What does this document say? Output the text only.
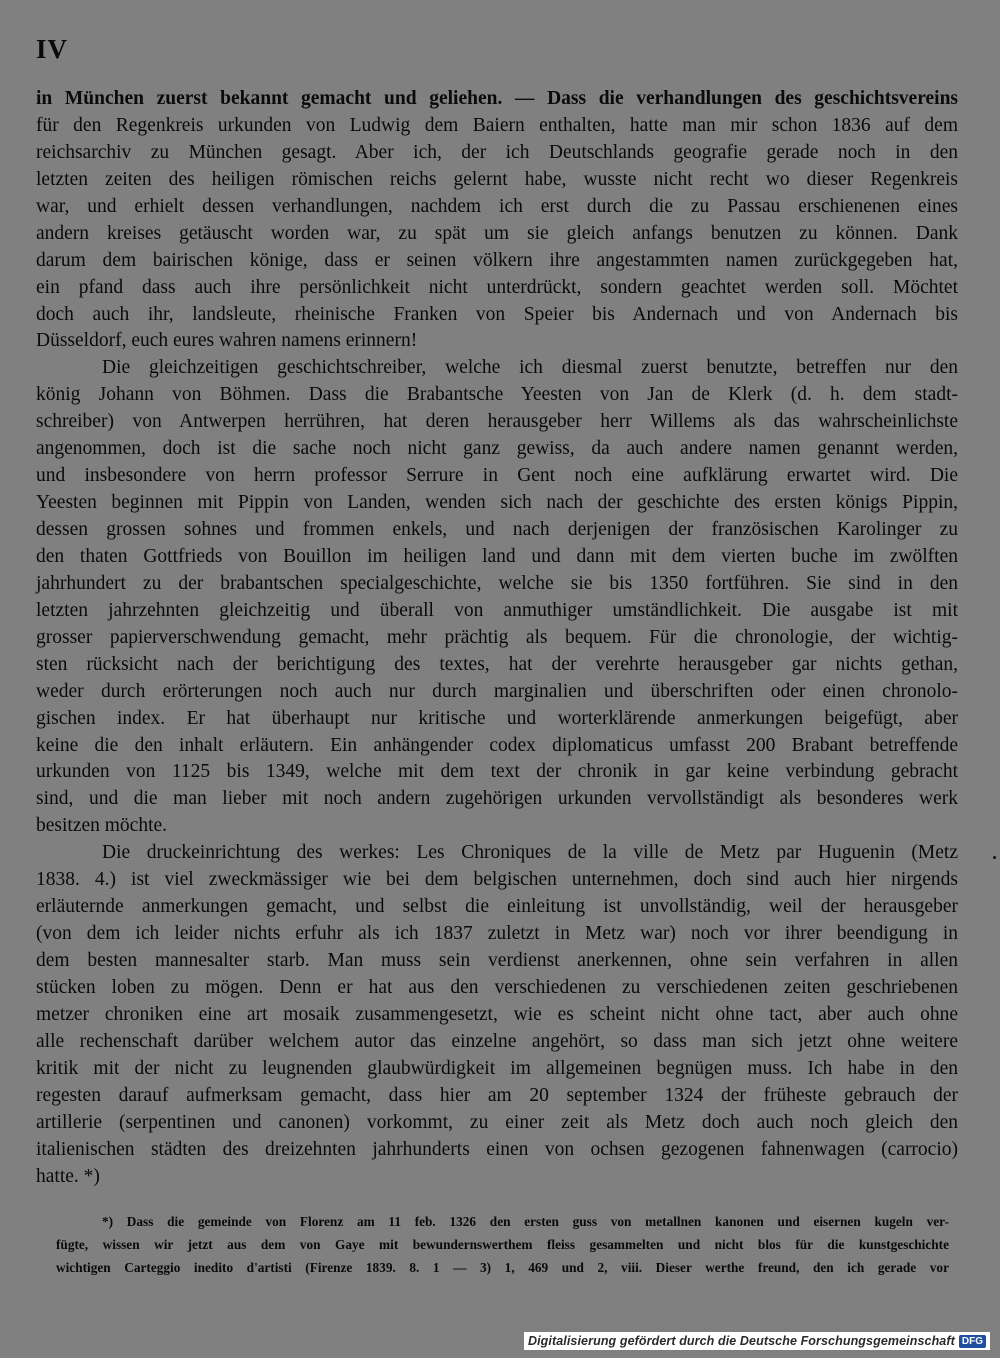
IV
in München zuerst bekannt gemacht und geliehen. — Dass die verhandlungen des geschichtsvereins
für den Regenkreis urkunden von Ludwig dem Baiern enthalten, hatte man mir schon 1836 auf dem
reichsarchiv zu München gesagt. Aber ich, der ich Deutschlands geografie gerade noch in den
letzten zeiten des heiligen römischen reichs gelernt habe, wusste nicht recht wo dieser Regenkreis
war, und erhielt dessen verhandlungen, nachdem ich erst durch die zu Passau erschienenen eines
andern kreises getäuscht worden war, zu spät um sie gleich anfangs benutzen zu können. Dank
darum dem bairischen könige, dass er seinen völkern ihre angestammten namen zurückgegeben hat,
ein pfand dass auch ihre persönlichkeit nicht unterdrückt, sondern geachtet werden soll. Möchtet
doch auch ihr, landsleute, rheinische Franken von Speier bis Andernach und von Andernach bis
Düsseldorf, euch eures wahren namens erinnern!
Die gleichzeitigen geschichtschreiber, welche ich diesmal zuerst benutzte, betreffen nur den
könig Johann von Böhmen. Dass die Brabantsche Yeesten von Jan de Klerk (d. h. dem stadt-
schreiber) von Antwerpen herrühren, hat deren herausgeber herr Willems als das wahrscheinlichste
angenommen, doch ist die sache noch nicht ganz gewiss, da auch andere namen genannt werden,
und insbesondere von herrn professor Serrure in Gent noch eine aufklärung erwartet wird. Die
Yeesten beginnen mit Pippin von Landen, wenden sich nach der geschichte des ersten königs Pippin,
dessen grossen sohnes und frommen enkels, und nach derjenigen der französischen Karolinger zu
den thaten Gottfrieds von Bouillon im heiligen land und dann mit dem vierten buche im zwölften
jahrhundert zu der brabantschen specialgeschichte, welche sie bis 1350 fortführen. Sie sind in den
letzten jahrzehnten gleichzeitig und überall von anmuthiger umständlichkeit. Die ausgabe ist mit
grosser papierverschwendung gemacht, mehr prächtig als bequem. Für die chronologie, der wichtig-
sten rücksicht nach der berichtigung des textes, hat der verehrte herausgeber gar nichts gethan,
weder durch erörterungen noch auch nur durch marginalien und überschriften oder einen chronolo-
gischen index. Er hat überhaupt nur kritische und worterklärende anmerkungen beigefügt, aber
keine die den inhalt erläutern. Ein anhängender codex diplomaticus umfasst 200 Brabant betreffende
urkunden von 1125 bis 1349, welche mit dem text der chronik in gar keine verbindung gebracht
sind, und die man lieber mit noch andern zugehörigen urkunden vervollständigt als besonderes werk
besitzen möchte.
Die druckeinrichtung des werkes: Les Chroniques de la ville de Metz par Huguenin (Metz
1838. 4.) ist viel zweckmässiger wie bei dem belgischen unternehmen, doch sind auch hier nirgends
erläuternde anmerkungen gemacht, und selbst die einleitung ist unvollständig, weil der herausgeber
(von dem ich leider nichts erfuhr als ich 1837 zuletzt in Metz war) noch vor ihrer beendigung in
dem besten mannesalter starb. Man muss sein verdienst anerkennen, ohne sein verfahren in allen
stücken loben zu mögen. Denn er hat aus den verschiedenen zu verschiedenen zeiten geschriebenen
metzer chroniken eine art mosaik zusammengesetzt, wie es scheint nicht ohne tact, aber auch ohne
alle rechenschaft darüber welchem autor das einzelne angehört, so dass man sich jetzt ohne weitere
kritik mit der nicht zu leugnenden glaubwürdigkeit im allgemeinen begnügen muss. Ich habe in den
regesten darauf aufmerksam gemacht, dass hier am 20 september 1324 der früheste gebrauch der
artillerie (serpentinen und canonen) vorkommt, zu einer zeit als Metz doch auch noch gleich den
italienischen städten des dreizehnten jahrhunderts einen von ochsen gezogenen fahnenwagen (carrocio)
hatte. *)
*) Dass die gemeinde von Florenz am 11 feb. 1326 den ersten guss von metallnen kanonen und eisernen kugeln ver-
fügte, wissen wir jetzt aus dem von Gaye mit bewundernswerthem fleiss gesammelten und nicht blos für die kunstgeschichte
wichtigen Carteggio inedito d'artisti (Firenze 1839. 8. 1 — 3) 1, 469 und 2, viii. Dieser werthe freund, den ich gerade vor
Digitalisierung gefördert durch die Deutsche Forschungsgemeinschaft DFG
